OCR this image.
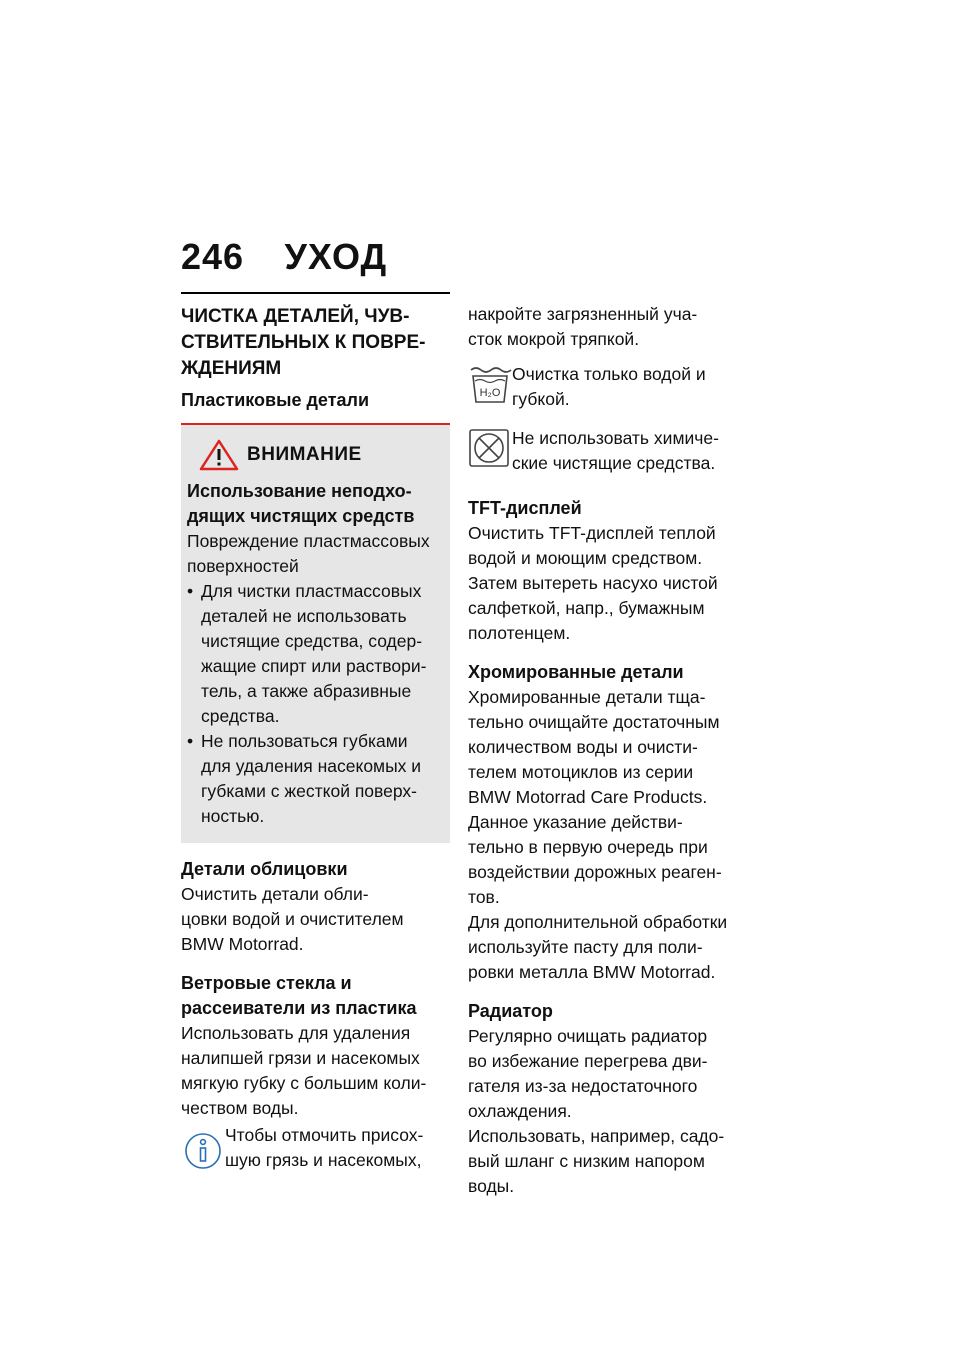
246 УХОД
ЧИСТКА ДЕТАЛЕЙ, ЧУВ-
СТВИТЕЛЬНЫХ К ПОВРЕ-
ЖДЕНИЯМ
Пластиковые детали
ВНИМАНИЕ
Использование неподхо-
дящих чистящих средств
Повреждение пластмассовых
поверхностей
• Для чистки пластмассовых
деталей не использовать
чистящие средства, содер-
жащие спирт или раствори-
тель, а также абразивные
средства.
• Не пользоваться губками
для удаления насекомых и
губками с жесткой поверх-
ностью.
Детали облицовки
Очистить детали обли-
цовки водой и очистителем
BMW Motorrad.
Ветровые стекла и
рассеиватели из пластика
Использовать для удаления
налипшей грязи и насекомых
мягкую губку с большим коли-
чеством воды.
Чтобы отмочить присох-
шую грязь и насекомых,
накройте загрязненный уча-
сток мокрой тряпкой.
H₂O
Очистка только водой и
губкой.
Не использовать химиче-
ские чистящие средства.
TFT-дисплей
Очистить TFT-дисплей теплой
водой и моющим средством.
Затем вытереть насухо чистой
салфеткой, напр., бумажным
полотенцем.
Хромированные детали
Хромированные детали тща-
тельно очищайте достаточным
количеством воды и очисти-
телем мотоциклов из серии
BMW Motorrad Care Products.
Данное указание действи-
тельно в первую очередь при
воздействии дорожных реаген-
тов.
Для дополнительной обработки
используйте пасту для поли-
ровки металла BMW Motorrad.
Радиатор
Регулярно очищать радиатор
во избежание перегрева дви-
гателя из-за недостаточного
охлаждения.
Использовать, например, садо-
вый шланг с низким напором
воды.
